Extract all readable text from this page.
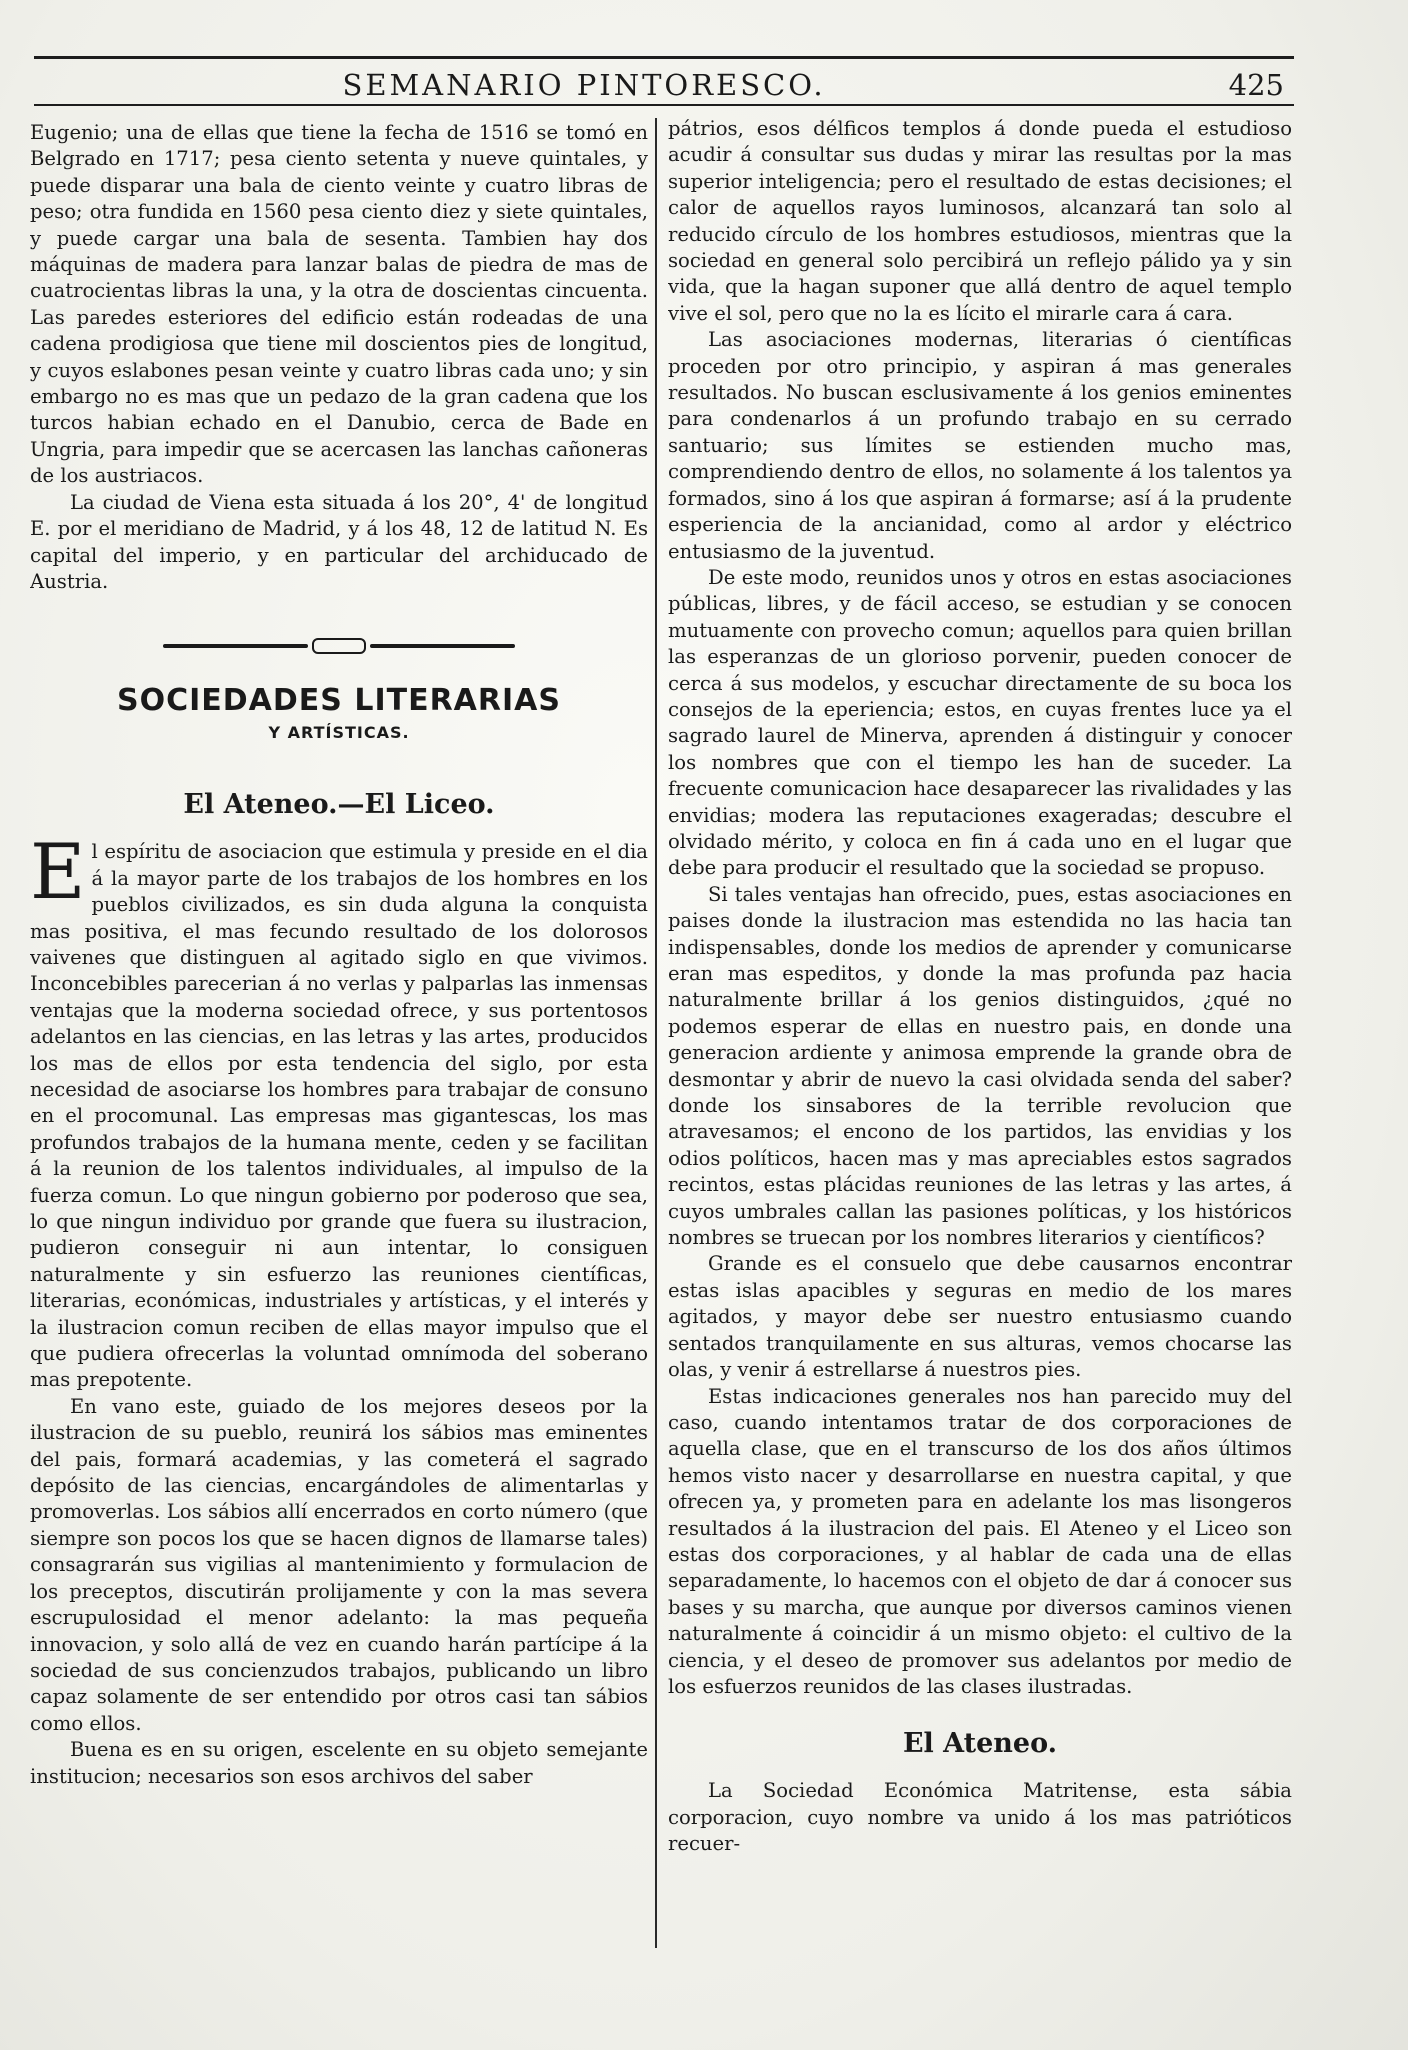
SEMANARIO PINTORESCO.	425

Eugenio; una de ellas que tiene la fecha de 1516 se tomó en Belgrado en 1717; pesa ciento setenta y nueve quintales, y puede disparar una bala de ciento veinte y cuatro libras de peso; otra fundida en 1560 pesa ciento diez y siete quintales, y puede cargar una bala de sesenta. Tambien hay dos máquinas de madera para lanzar balas de piedra de mas de cuatrocientas libras la una, y la otra de doscientas cincuenta. Las paredes esteriores del edificio están rodeadas de una cadena prodigiosa que tiene mil doscientos pies de longitud, y cuyos eslabones pesan veinte y cuatro libras cada uno; y sin embargo no es mas que un pedazo de la gran cadena que los turcos habian echado en el Danubio, cerca de Bade en Ungria, para impedir que se acercasen las lanchas cañoneras de los austriacos.

La ciudad de Viena esta situada á los 20°, 4' de longitud E. por el meridiano de Madrid, y á los 48, 12 de latitud N. Es capital del imperio, y en particular del archiducado de Austria.

SOCIEDADES LITERARIAS
Y ARTÍSTICAS.
El Ateneo.—El Liceo.

El espíritu de asociacion que estimula y preside en el dia á la mayor parte de los trabajos de los hombres en los pueblos civilizados, es sin duda alguna la conquista mas positiva, el mas fecundo resultado de los dolorosos vaivenes que distinguen al agitado siglo en que vivimos. Inconcebibles parecerian á no verlas y palparlas las inmensas ventajas que la moderna sociedad ofrece, y sus portentosos adelantos en las ciencias, en las letras y las artes, producidos los mas de ellos por esta tendencia del siglo, por esta necesidad de asociarse los hombres para trabajar de consuno en el procomunal. Las empresas mas gigantescas, los mas profundos trabajos de la humana mente, ceden y se facilitan á la reunion de los talentos individuales, al impulso de la fuerza comun. Lo que ningun gobierno por poderoso que sea, lo que ningun individuo por grande que fuera su ilustracion, pudieron conseguir ni aun intentar, lo consiguen naturalmente y sin esfuerzo las reuniones científicas, literarias, económicas, industriales y artísticas, y el interés y la ilustracion comun reciben de ellas mayor impulso que el que pudiera ofrecerlas la voluntad omnímoda del soberano mas prepotente.

En vano este, guiado de los mejores deseos por la ilustracion de su pueblo, reunirá los sábios mas eminentes del pais, formará academias, y las cometerá el sagrado depósito de las ciencias, encargándoles de alimentarlas y promoverlas. Los sábios allí encerrados en corto número (que siempre son pocos los que se hacen dignos de llamarse tales) consagrarán sus vigilias al mantenimiento y formulacion de los preceptos, discutirán prolijamente y con la mas severa escrupulosidad el menor adelanto: la mas pequeña innovacion, y solo allá de vez en cuando harán partícipe á la sociedad de sus concienzudos trabajos, publicando un libro capaz solamente de ser entendido por otros casi tan sábios como ellos.

Buena es en su origen, escelente en su objeto semejante institucion; necesarios son esos archivos del saber

pátrios, esos délficos templos á donde pueda el estudioso acudir á consultar sus dudas y mirar las resultas por la mas superior inteligencia; pero el resultado de estas decisiones; el calor de aquellos rayos luminosos, alcanzará tan solo al reducido círculo de los hombres estudiosos, mientras que la sociedad en general solo percibirá un reflejo pálido ya y sin vida, que la hagan suponer que allá dentro de aquel templo vive el sol, pero que no la es lícito el mirarle cara á cara.

Las asociaciones modernas, literarias ó científicas proceden por otro principio, y aspiran á mas generales resultados. No buscan esclusivamente á los genios eminentes para condenarlos á un profundo trabajo en su cerrado santuario; sus límites se estienden mucho mas, comprendiendo dentro de ellos, no solamente á los talentos ya formados, sino á los que aspiran á formarse; así á la prudente esperiencia de la ancianidad, como al ardor y eléctrico entusiasmo de la juventud.

De este modo, reunidos unos y otros en estas asociaciones públicas, libres, y de fácil acceso, se estudian y se conocen mutuamente con provecho comun; aquellos para quien brillan las esperanzas de un glorioso porvenir, pueden conocer de cerca á sus modelos, y escuchar directamente de su boca los consejos de la eperiencia; estos, en cuyas frentes luce ya el sagrado laurel de Minerva, aprenden á distinguir y conocer los nombres que con el tiempo les han de suceder. La frecuente comunicacion hace desaparecer las rivalidades y las envidias; modera las reputaciones exageradas; descubre el olvidado mérito, y coloca en fin á cada uno en el lugar que debe para producir el resultado que la sociedad se propuso.

Si tales ventajas han ofrecido, pues, estas asociaciones en paises donde la ilustracion mas estendida no las hacia tan indispensables, donde los medios de aprender y comunicarse eran mas espeditos, y donde la mas profunda paz hacia naturalmente brillar á los genios distinguidos, ¿qué no podemos esperar de ellas en nuestro pais, en donde una generacion ardiente y animosa emprende la grande obra de desmontar y abrir de nuevo la casi olvidada senda del saber? donde los sinsabores de la terrible revolucion que atravesamos; el encono de los partidos, las envidias y los odios políticos, hacen mas y mas apreciables estos sagrados recintos, estas plácidas reuniones de las letras y las artes, á cuyos umbrales callan las pasiones políticas, y los históricos nombres se truecan por los nombres literarios y científicos?

Grande es el consuelo que debe causarnos encontrar estas islas apacibles y seguras en medio de los mares agitados, y mayor debe ser nuestro entusiasmo cuando sentados tranquilamente en sus alturas, vemos chocarse las olas, y venir á estrellarse á nuestros pies.

Estas indicaciones generales nos han parecido muy del caso, cuando intentamos tratar de dos corporaciones de aquella clase, que en el transcurso de los dos años últimos hemos visto nacer y desarrollarse en nuestra capital, y que ofrecen ya, y prometen para en adelante los mas lisongeros resultados á la ilustracion del pais. El Ateneo y el Liceo son estas dos corporaciones, y al hablar de cada una de ellas separadamente, lo hacemos con el objeto de dar á conocer sus bases y su marcha, que aunque por diversos caminos vienen naturalmente á coincidir á un mismo objeto: el cultivo de la ciencia, y el deseo de promover sus adelantos por medio de los esfuerzos reunidos de las clases ilustradas.

El Ateneo.

La Sociedad Económica Matritense, esta sábia corporacion, cuyo nombre va unido á los mas patrióticos recuer-
